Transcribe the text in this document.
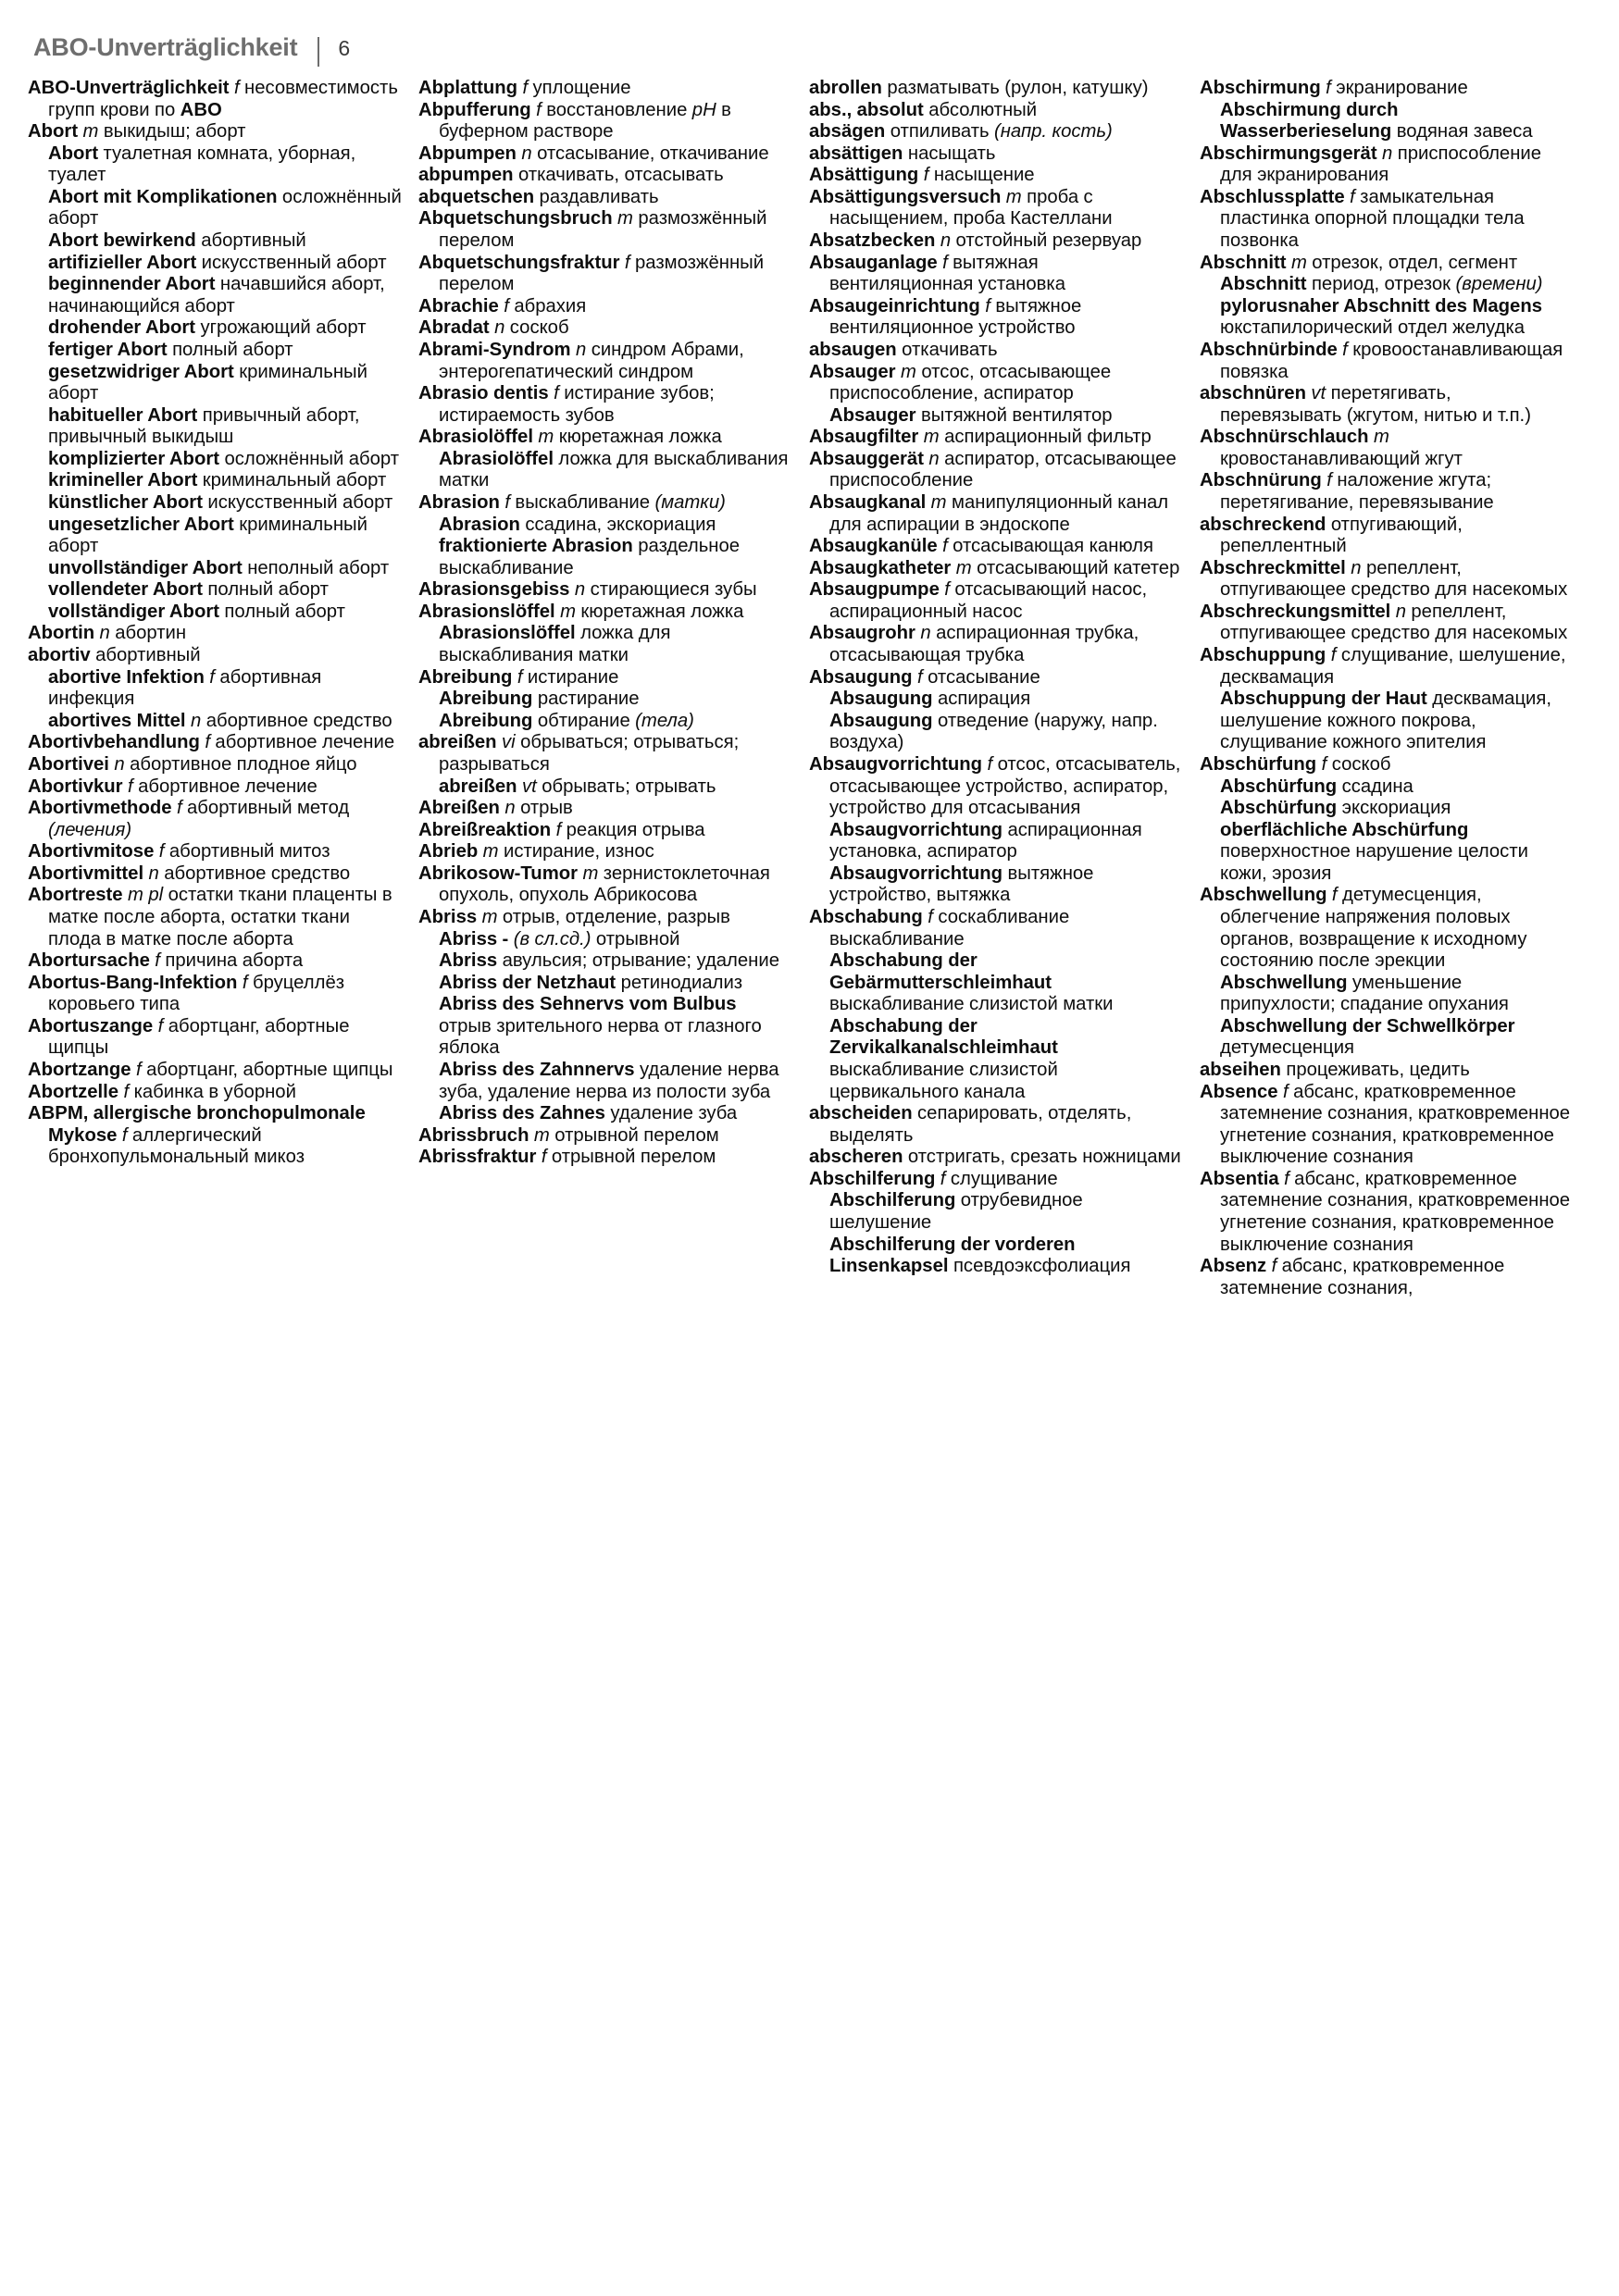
ABO-Unverträglichkeit 6

ABO-Unverträglichkeit f несовместимость групп крови по ABO

Abort m выкидыш; аборт

Abort туалетная комната, уборная, туалет

Abort mit Komplikationen осложнённый аборт

Abort bewirkend абортивный

artifizieller Abort искусственный аборт

beginnender Abort начавшийся аборт, начинающийся аборт

drohender Abort угрожающий аборт

fertiger Abort полный аборт

gesetzwidriger Abort криминальный аборт

habitueller Abort привычный аборт, привычный выкидыш

komplizierter Abort осложнённый аборт

krimineller Abort криминальный аборт

künstlicher Abort искусственный аборт

ungesetzlicher Abort криминальный аборт

unvollständiger Abort неполный аборт

vollendeter Abort полный аборт

vollständiger Abort полный аборт

Abortin n абортин

abortiv абортивный

abortive Infektion f абортивная инфекция

abortives Mittel n абортивное средство

Abortivbehandlung f абортивное лечение

Abortivei n абортивное плодное яйцо

Abortivkur f абортивное лечение

Abortivmethode f абортивный метод (лечения)

Abortivmitose f абортивный митоз

Abortivmittel n абортивное средство

Abortreste m pl остатки ткани плаценты в матке после аборта, остатки ткани плода в матке после аборта

Abortursache f причина аборта

Abortus-Bang-Infektion f бруцеллёз коровьего типа

Abortuszange f абортцанг, абортные щипцы

Abortzange f абортцанг, абортные щипцы

Abortzelle f кабинка в уборной

ABPM, allergische bronchopulmonale Mykose f аллергический бронхопульмональный микоз

Abplattung f уплощение

Abpufferung f восстановление pH в буферном растворе

Abpumpen n отсасывание, откачивание

abpumpen откачивать, отсасывать

abquetschen раздавливать

Abquetschungsbruch m размозжённый перелом

Abquetschungsfraktur f размозжённый перелом

Abrachie f абрахия

Abradat n соскоб

Abrami-Syndrom n синдром Абрами, энтерогепатический синдром

Abrasio dentis f истирание зубов; истираемость зубов

Abrasiolöffel m кюретажная ложка

Abrasiolöffel ложка для выскабливания матки

Abrasion f выскабливание (матки)

Abrasion ссадина, экскориация

fraktionierte Abrasion раздельное выскабливание

Abrasionsgebiss n стирающиеся зубы

Abrasionslöffel m кюретажная ложка

Abrasionslöffel ложка для выскабливания матки

Abreibung f истирание

Abreibung растирание

Abreibung обтирание (тела)

abreißen vi обрываться; отрываться; разрываться

abreißen vt обрывать; отрывать

Abreißen n отрыв

Abreißreaktion f реакция отрыва

Abrieb m истирание, износ

Abrikosow-Tumor m зернистоклеточная опухоль, опухоль Абрикосова

Abriss m отрыв, отделение, разрыв

Abriss - (в сл.сд.) отрывной

Abriss авульсия; отрывание; удаление

Abriss der Netzhaut ретинодиализ

Abriss des Sehnervs vom Bulbus отрыв зрительного нерва от глазного яблока

Abriss des Zahnnervs удаление нерва зуба, удаление нерва из полости зуба

Abriss des Zahnes удаление зуба

Abrissbruch m отрывной перелом

Abrissfraktur f отрывной перелом

abrollen разматывать (рулон, катушку)

abs., absolut абсолютный

absägen отпиливать (напр. кость)

absättigen насыщать

Absättigung f насыщение

Absättigungsversuch m проба с насыщением, проба Кастеллани

Absatzbecken n отстойный резервуар

Absauganlage f вытяжная вентиляционная установка

Absaugeinrichtung f вытяжное вентиляционное устройство

absaugen откачивать

Absauger m отсос, отсасывающее приспособление, аспиратор

Absauger вытяжной вентилятор

Absaugfilter m аспирационный фильтр

Absauggerät n аспиратор, отсасывающее приспособление

Absaugkanal m манипуляционный канал для аспирации в эндоскопе

Absaugkanüle f отсасывающая канюля

Absaugkatheter m отсасывающий катетер

Absaugpumpe f отсасывающий насос, аспирационный насос

Absaugrohr n аспирационная трубка, отсасывающая трубка

Absaugung f отсасывание

Absaugung аспирация

Absaugung отведение (наружу, напр. воздуха)

Absaugvorrichtung f отсос, отсасыватель, отсасывающее устройство, аспиратор, устройство для отсасывания

Absaugvorrichtung аспирационная установка, аспиратор

Absaugvorrichtung вытяжное устройство, вытяжка

Abschabung f соскабливание выскабливание

Abschabung der Gebärmutterschleimhaut выскабливание слизистой матки

Abschabung der Zervikalkanalschleimhaut выскабливание слизистой цервикального канала

abscheiden сепарировать, отделять, выделять

abscheren отстригать, срезать ножницами

Abschilferung f слущивание

Abschilferung отрубевидное шелушение

Abschilferung der vorderen Linsenkapsel псевдоэксфолиация

Abschirmung f экранирование

Abschirmung durch Wasserberieselung водяная завеса

Abschirmungsgerät n приспособление для экранирования

Abschlussplatte f замыкательная пластинка опорной площадки тела позвонка

Abschnitt m отрезок, отдел, сегмент

Abschnitt период, отрезок (времени)

pylorusnaher Abschnitt des Magens юкстапилорический отдел желудка

Abschnürbinde f кровоостанавливающая повязка

abschnüren vt перетягивать, перевязывать (жгутом, нитью и т.п.)

Abschnürschlauch m кровостанавливающий жгут

Abschnürung f наложение жгута; перетягивание, перевязывание

abschreckend отпугивающий, репеллентный

Abschreckmittel n репеллент, отпугивающее средство для насекомых

Abschreckungsmittel n репеллент, отпугивающее средство для насекомых

Abschuppung f слущивание, шелушение, десквамация

Abschuppung der Haut десквамация, шелушение кожного покрова, слущивание кожного эпителия

Abschürfung f соскоб

Abschürfung ссадина

Abschürfung экскориация

oberflächliche Abschürfung поверхностное нарушение целости кожи, эрозия

Abschwellung f детумесценция, облегчение напряжения половых органов, возвращение к исходному состоянию после эрекции

Abschwellung уменьшение припухлости; спадание опухания

Abschwellung der Schwellkörper детумесценция

abseihen процеживать, цедить

Absence f абсанс, кратковременное затемнение сознания, кратковременное угнетение сознания, кратковременное выключение сознания

Absentia f абсанс, кратковременное затемнение сознания, кратковременное угнетение сознания, кратковременное выключение сознания

Absenz f абсанс, кратковременное затемнение сознания,
